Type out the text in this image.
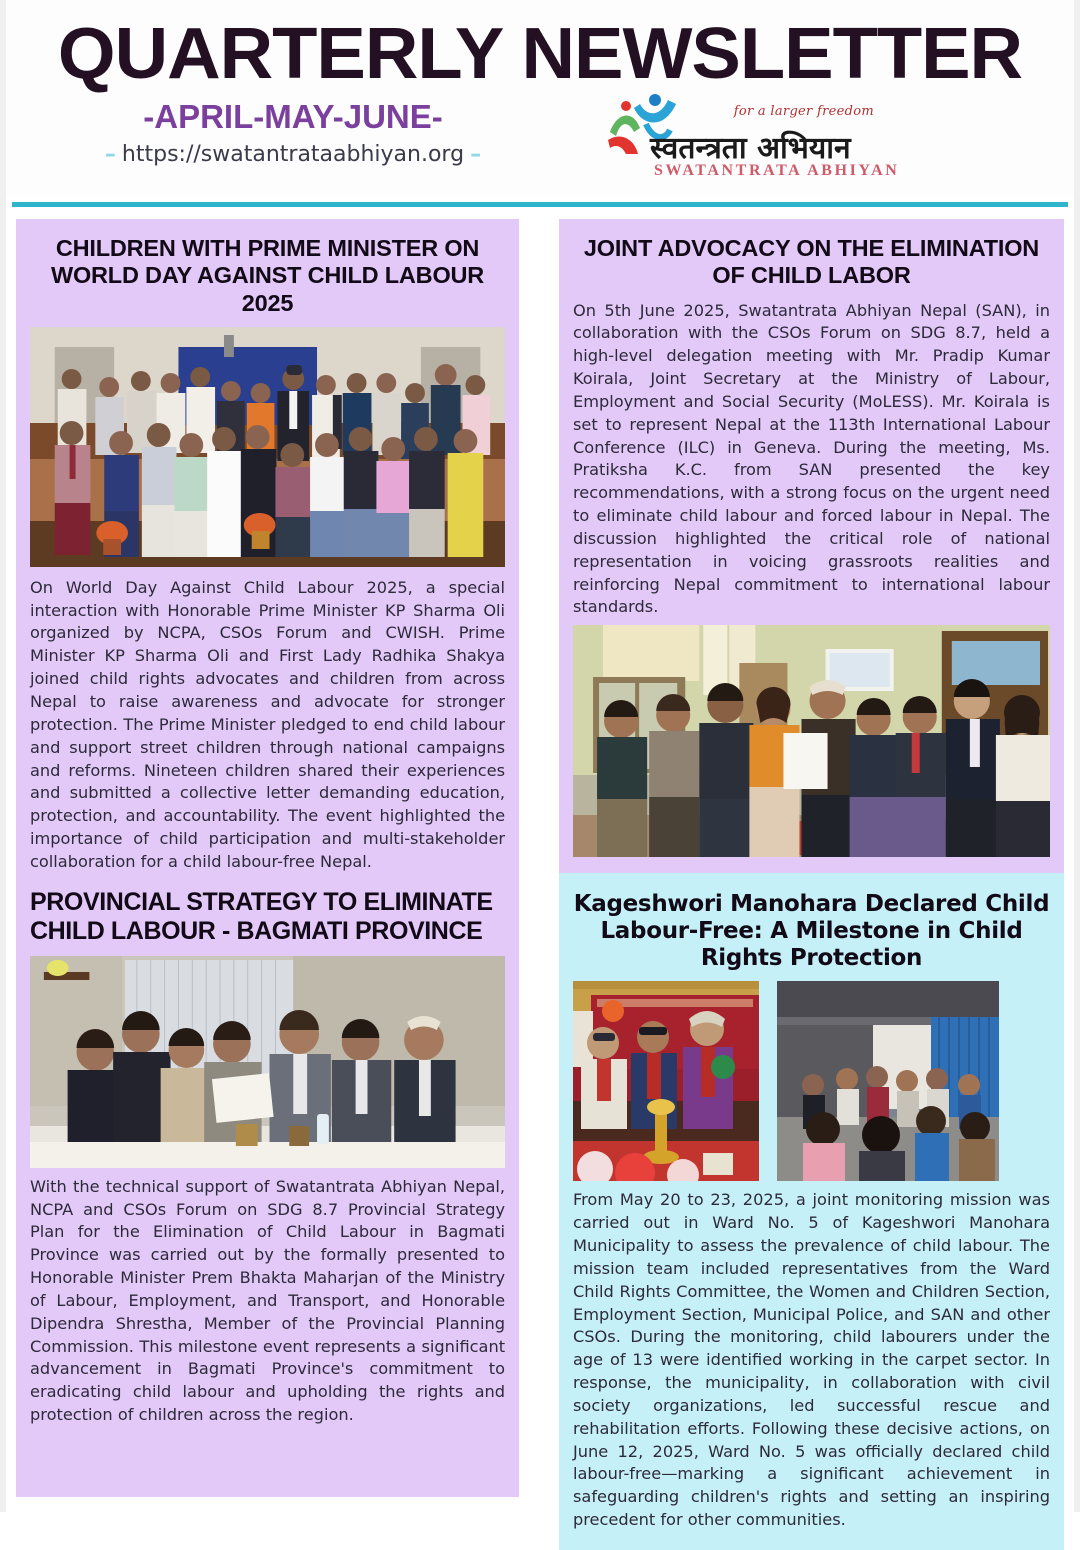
QUARTERLY NEWSLETTER
-APRIL-MAY-JUNE-
– https://swatantrataabhiyan.org –
for a larger freedom
स्वतन्त्रता अभियान
SWATANTRATA ABHIYAN
CHILDREN WITH PRIME MINISTER ON WORLD DAY AGAINST CHILD LABOUR 2025

On World Day Against Child Labour 2025, a special interaction with Honorable Prime Minister KP Sharma Oli organized by NCPA, CSOs Forum and CWISH. Prime Minister KP Sharma Oli and First Lady Radhika Shakya joined child rights advocates and children from across Nepal to raise awareness and advocate for stronger protection. The Prime Minister pledged to end child labour and support street children through national campaigns and reforms. Nineteen children shared their experiences and submitted a collective letter demanding education, protection, and accountability. The event highlighted the importance of child participation and multi-stakeholder collaboration for a child labour-free Nepal.

PROVINCIAL STRATEGY TO ELIMINATE CHILD LABOUR - BAGMATI PROVINCE

With the technical support of Swatantrata Abhiyan Nepal, NCPA and CSOs Forum on SDG 8.7 Provincial Strategy Plan for the Elimination of Child Labour in Bagmati Province was carried out by the formally presented to Honorable Minister Prem Bhakta Maharjan of the Ministry of Labour, Employment, and Transport, and Honorable Dipendra Shrestha, Member of the Provincial Planning Commission. This milestone event represents a significant advancement in Bagmati Province's commitment to eradicating child labour and upholding the rights and protection of children across the region.

JOINT ADVOCACY ON THE ELIMINATION OF CHILD LABOR

On 5th June 2025, Swatantrata Abhiyan Nepal (SAN), in collaboration with the CSOs Forum on SDG 8.7, held a high-level delegation meeting with Mr. Pradip Kumar Koirala, Joint Secretary at the Ministry of Labour, Employment and Social Security (MoLESS). Mr. Koirala is set to represent Nepal at the 113th International Labour Conference (ILC) in Geneva. During the meeting, Ms. Pratiksha K.C. from SAN presented the key recommendations, with a strong focus on the urgent need to eliminate child labour and forced labour in Nepal. The discussion highlighted the critical role of national representation in voicing grassroots realities and reinforcing Nepal commitment to international labour standards.

Kageshwori Manohara Declared Child Labour-Free: A Milestone in Child Rights Protection

From May 20 to 23, 2025, a joint monitoring mission was carried out in Ward No. 5 of Kageshwori Manohara Municipality to assess the prevalence of child labour. The mission team included representatives from the Ward Child Rights Committee, the Women and Children Section, Employment Section, Municipal Police, and SAN and other CSOs. During the monitoring, child labourers under the age of 13 were identified working in the carpet sector. In response, the municipality, in collaboration with civil society organizations, led successful rescue and rehabilitation efforts. Following these decisive actions, on June 12, 2025, Ward No. 5 was officially declared child labour-free—marking a significant achievement in safeguarding children's rights and setting an inspiring precedent for other communities.
